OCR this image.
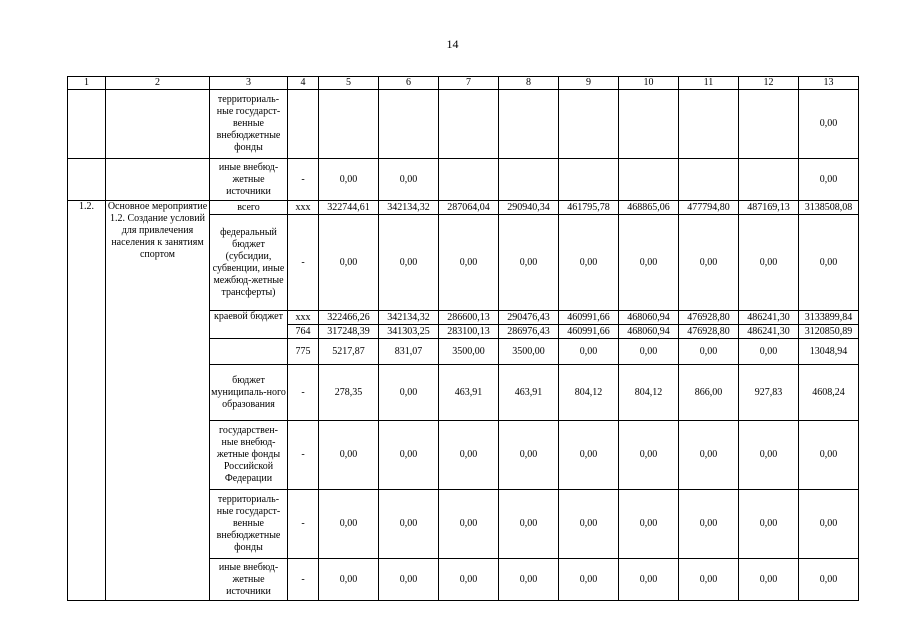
14
1	2	3	4	5	6	7	8	9	10	11	12	13
		территориаль-ные государст-венные внебюджетные фонды										0,00
		иные внебюд-жетные источники	-	0,00	0,00							0,00
1.2.	Основное мероприятие 1.2. Создание условий для привлечения населения к занятиям спортом	всего	ххх	322744,61	342134,32	287064,04	290940,34	461795,78	468865,06	477794,80	487169,13	3138508,08
		федеральный бюджет (субсидии, субвенции, иные межбюд-жетные трансферты)	-	0,00	0,00	0,00	0,00	0,00	0,00	0,00	0,00	0,00
		краевой бюджет	ххх	322466,26	342134,32	286600,13	290476,43	460991,66	468060,94	476928,80	486241,30	3133899,84
			764	317248,39	341303,25	283100,13	286976,43	460991,66	468060,94	476928,80	486241,30	3120850,89
			775	5217,87	831,07	3500,00	3500,00	0,00	0,00	0,00	0,00	13048,94
		бюджет муниципаль-ного образования	-	278,35	0,00	463,91	463,91	804,12	804,12	866,00	927,83	4608,24
		государствен-ные внебюд-жетные фонды Российской Федерации	-	0,00	0,00	0,00	0,00	0,00	0,00	0,00	0,00	0,00
		территориаль-ные государст-венные внебюджетные фонды	-	0,00	0,00	0,00	0,00	0,00	0,00	0,00	0,00	0,00
		иные внебюд-жетные источники	-	0,00	0,00	0,00	0,00	0,00	0,00	0,00	0,00	0,00
